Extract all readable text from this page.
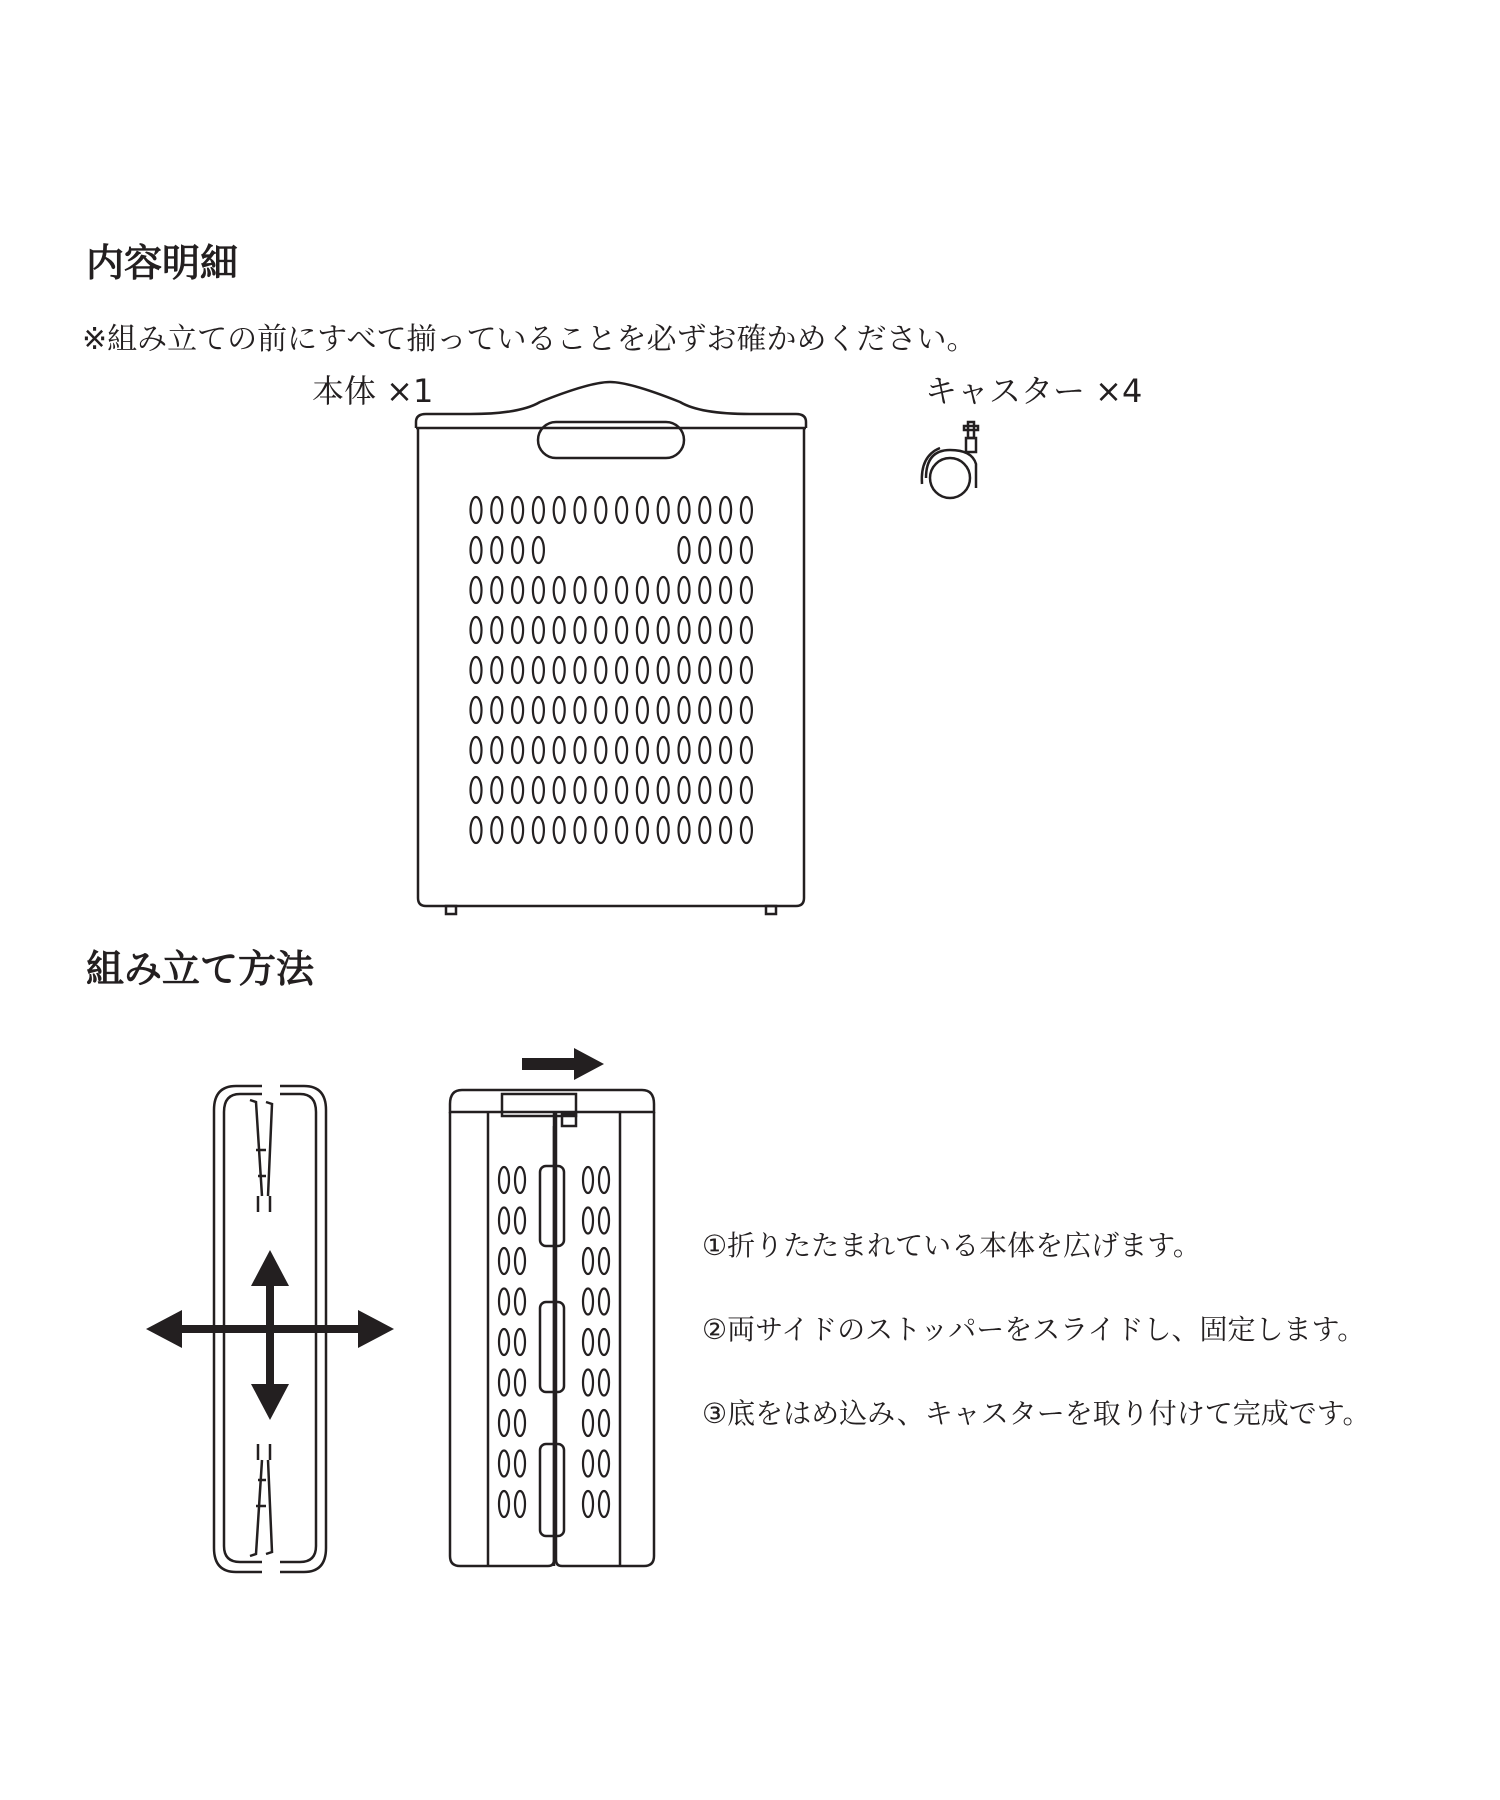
内容明細
※組み立ての前にすべて揃っていることを必ずお確かめください。
本体 ×1	キャスター ×4
組み立て方法
①折りたたまれている本体を広げます。
②両サイドのストッパーをスライドし、固定します。
③底をはめ込み、キャスターを取り付けて完成です。
